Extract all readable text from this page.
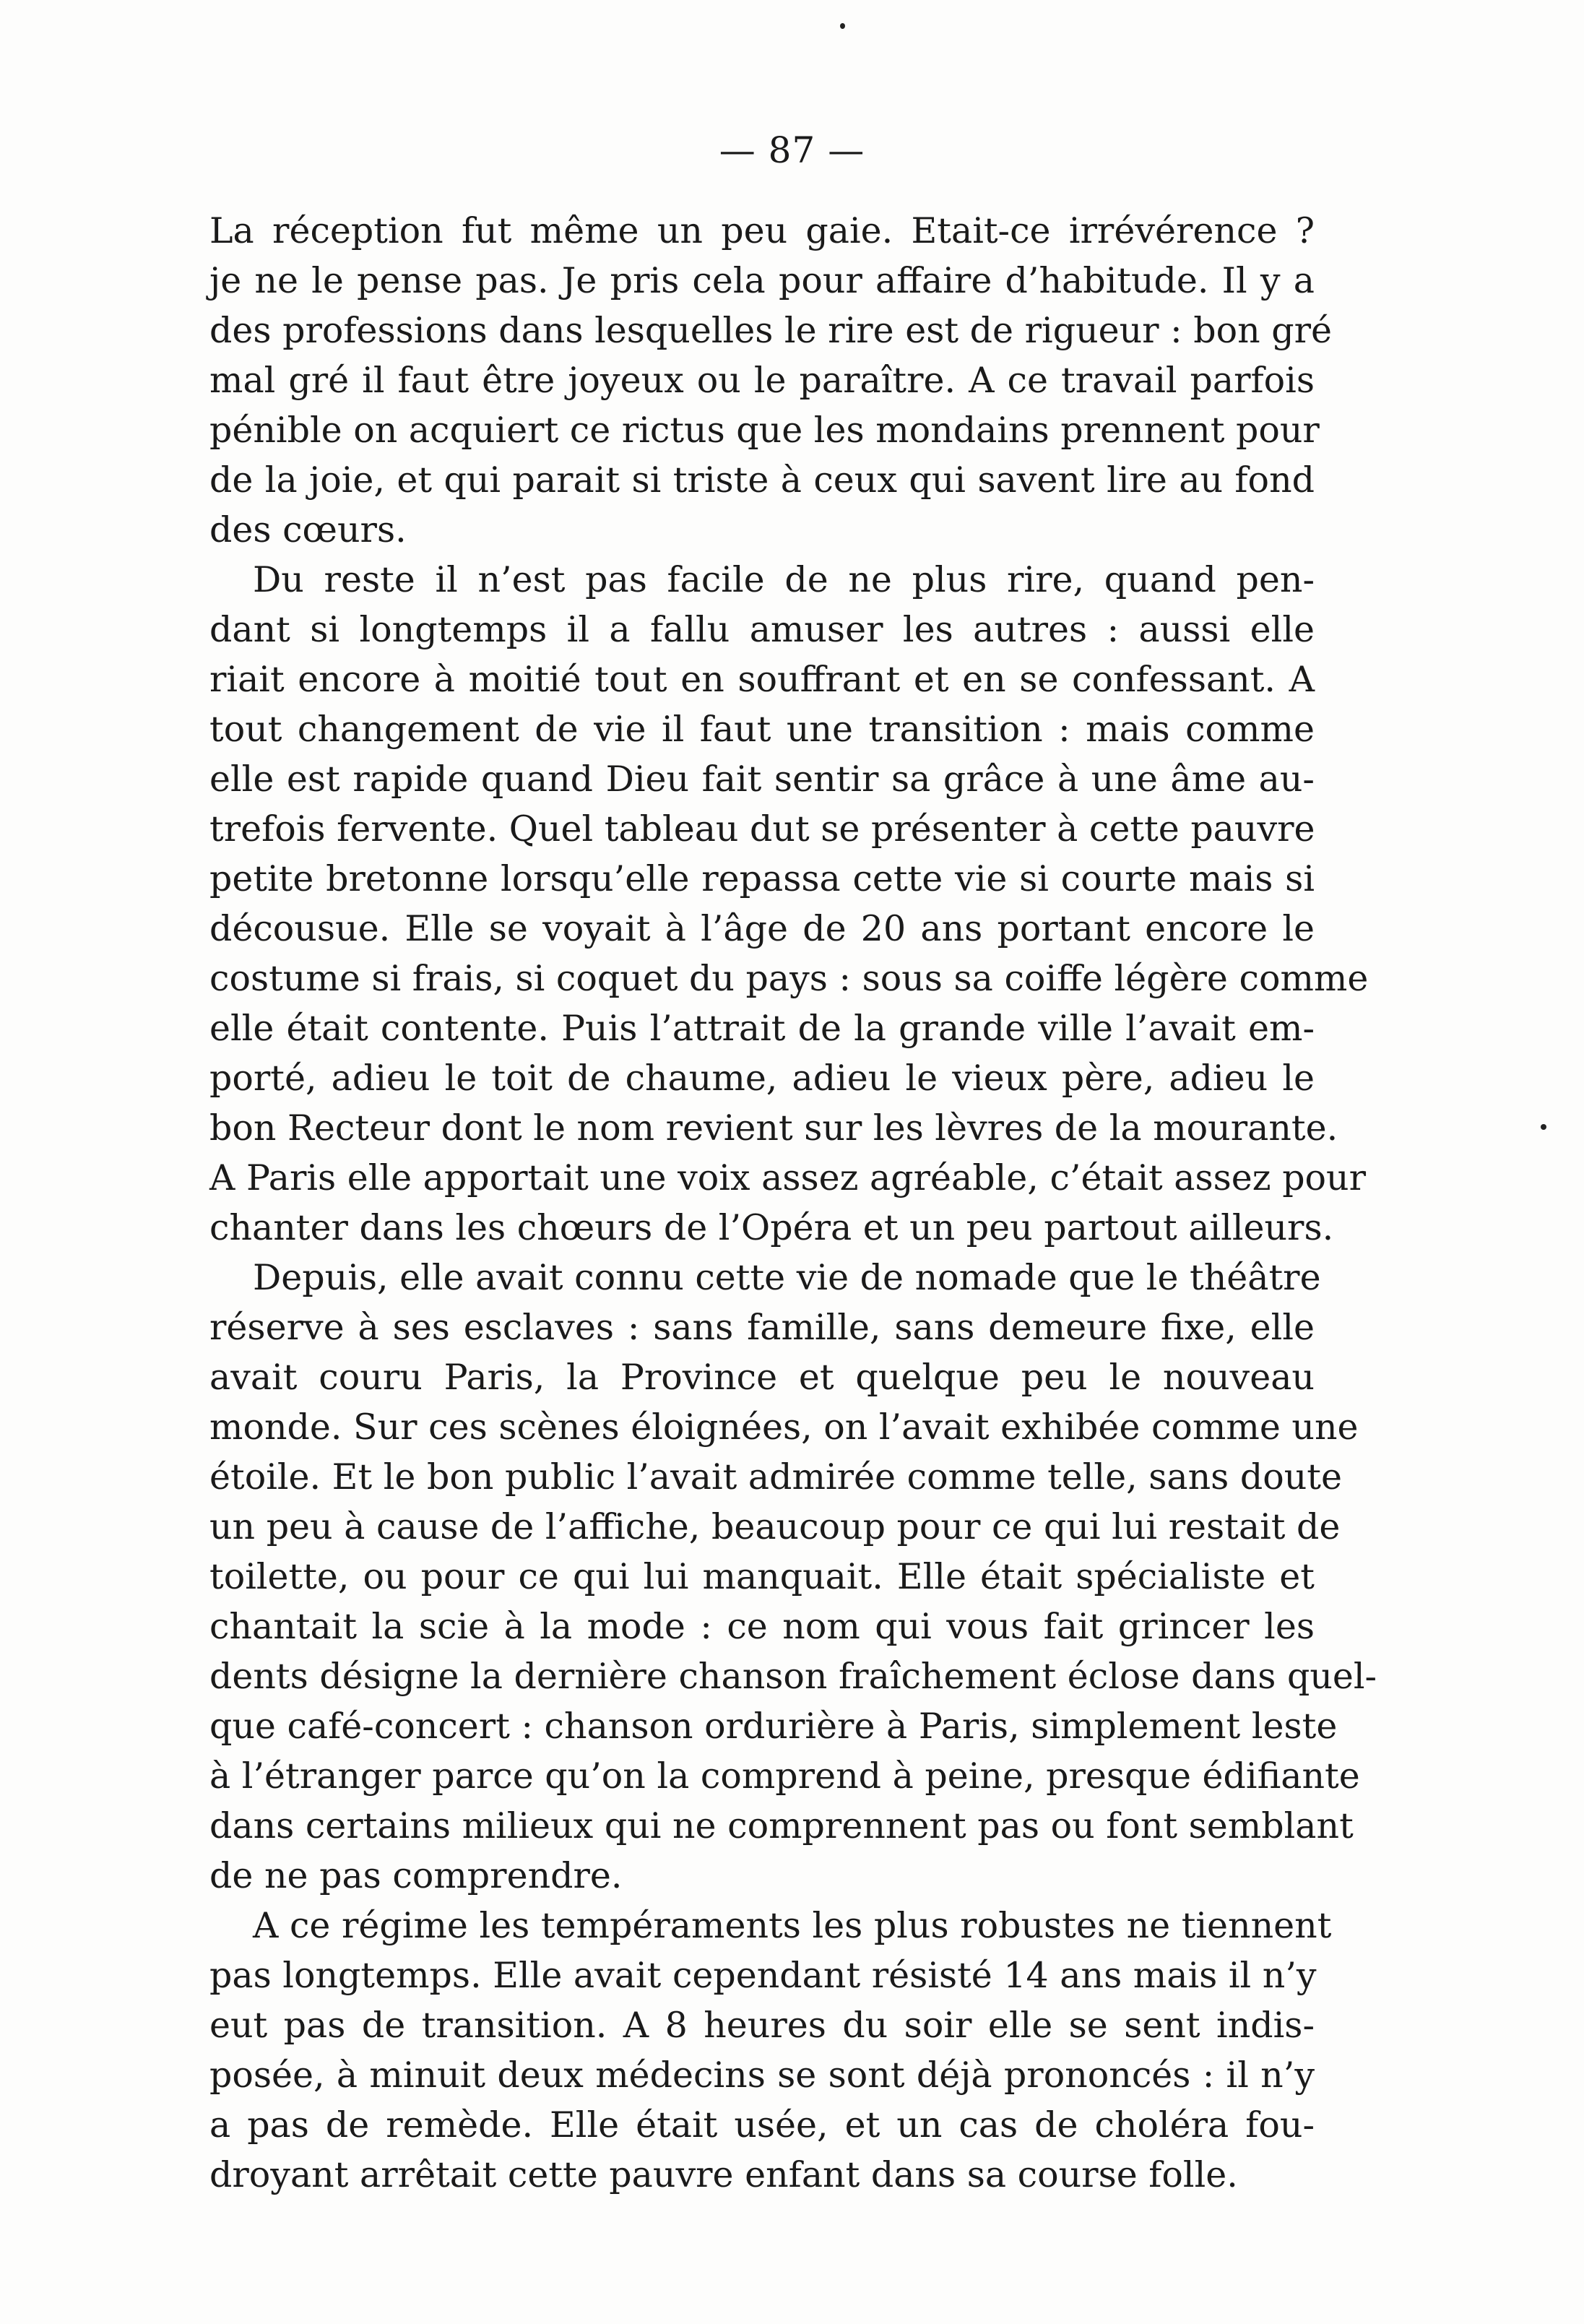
— 87 —
La réception fut même un peu gaie. Etait-ce irrévérence ?
je ne le pense pas. Je pris cela pour affaire d’habitude. Il y a
des professions dans lesquelles le rire est de rigueur : bon gré
mal gré il faut être joyeux ou le paraître. A ce travail parfois
pénible on acquiert ce rictus que les mondains prennent pour
de la joie, et qui parait si triste à ceux qui savent lire au fond
des cœurs.
Du reste il n’est pas facile de ne plus rire, quand pen-
dant si longtemps il a fallu amuser les autres : aussi elle
riait encore à moitié tout en souffrant et en se confessant. A
tout changement de vie il faut une transition : mais comme
elle est rapide quand Dieu fait sentir sa grâce à une âme au-
trefois fervente. Quel tableau dut se présenter à cette pauvre
petite bretonne lorsqu’elle repassa cette vie si courte mais si
décousue. Elle se voyait à l’âge de 20 ans portant encore le
costume si frais, si coquet du pays : sous sa coiffe légère comme
elle était contente. Puis l’attrait de la grande ville l’avait em-
porté, adieu le toit de chaume, adieu le vieux père, adieu le
bon Recteur dont le nom revient sur les lèvres de la mourante.
A Paris elle apportait une voix assez agréable, c’était assez pour
chanter dans les chœurs de l’Opéra et un peu partout ailleurs.
Depuis, elle avait connu cette vie de nomade que le théâtre
réserve à ses esclaves : sans famille, sans demeure fixe, elle
avait couru Paris, la Province et quelque peu le nouveau
monde. Sur ces scènes éloignées, on l’avait exhibée comme une
étoile. Et le bon public l’avait admirée comme telle, sans doute
un peu à cause de l’affiche, beaucoup pour ce qui lui restait de
toilette, ou pour ce qui lui manquait. Elle était spécialiste et
chantait la scie à la mode : ce nom qui vous fait grincer les
dents désigne la dernière chanson fraîchement éclose dans quel-
que café-concert : chanson ordurière à Paris, simplement leste
à l’étranger parce qu’on la comprend à peine, presque édifiante
dans certains milieux qui ne comprennent pas ou font semblant
de ne pas comprendre.
A ce régime les tempéraments les plus robustes ne tiennent
pas longtemps. Elle avait cependant résisté 14 ans mais il n’y
eut pas de transition. A 8 heures du soir elle se sent indis-
posée, à minuit deux médecins se sont déjà prononcés : il n’y
a pas de remède. Elle était usée, et un cas de choléra fou-
droyant arrêtait cette pauvre enfant dans sa course folle.
